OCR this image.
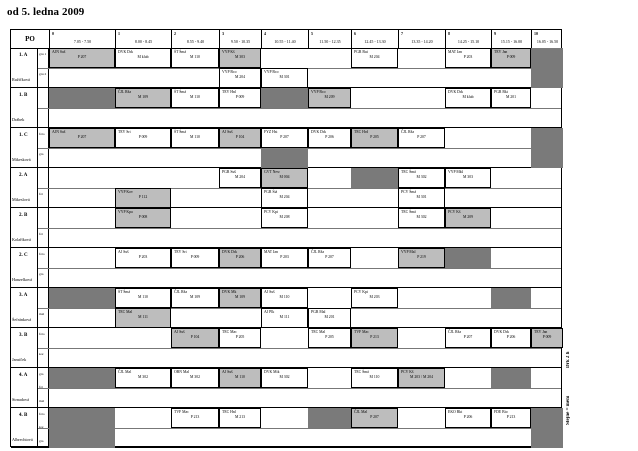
od 5. ledna 2009
PO
0
7.05 - 7.50
1
8.00 - 8.45
2
8.55 - 9.40
3
9.50 - 10.35
4
10.55 - 11.40
5
11.50 - 12.35
6
12.45 - 13.30
7
13.35 - 14.20
8
14.25 - 15.10
9
15.15 - 16.00
10
16.05 - 16.50
1. A
Ružičková
gru 1
gru 2
1. B
Drábek
1. C
Mikesková
fóto
gra
2. A
Mikeslová
fót
2. B
Kolaříková
fót
2. C
Hanzelková
fóto
gra
3. A
Šefránková
mal
3. B
Jansíček
fóto
kor
4. A
Strnadová
gra
fót
mal
4. B
Albrechtová
fóto
kor
gra
AJN Suš
P 207
DVK Drk
M klub
ŠT Šmá
M 110
VYP Kš
M 303
PGR Bui
M 204
MAT Jan
P 203
TEV Jan
P 009
VYP Bco
M 204
VYP Bco
M 301
ČJL Rža
M 109
ŠT Šmá
M 110
TEV Hnl
P 009
VYP Bco
M 209
DVK Drk
M klub
PGR Bkt
M 201
AJN Suš
P 207
TEV Srt
P 009
ŠT Šmá
M 110
AJ Suš
P 104
FYZ Hst
P 207
DVK Drk
P 206
TEC Hrd
P 205
ČJL Rža
P 207
PGR Suš
M 204
GVT New
M 004
TEC Šmá
M 302
VYP Mkš
M 303
VYP Kov
P 112
PGR Šiá
M 204
PCV Šmá
M 301
VYP Kpa
P 008
PCV Kpi
M 208
TEC Šmá
M 302
PCV Kš
M 209
AJ Suš
P 203
TEV Srt
P 009
DVK Drk
P 206
MAT Jan
P 203
ČJL Rža
P 207
VYP Mal
P 219
ŠT Šmá
M 110
ČJL Rža
M 109
DVK Mk
M 109
AJ Suš
M 110
PCV Kpi
M 203
TEC Mal
M 111
AJ Plk
M 111
PGR Mal
M 201
AJ Suš
P 104
TEC Mac
P 205
TEC Mal
P 205
TVF Mac
P 213
ČJL Rža
P 207
DVK Drk
P 206
TEV Jan
P 009
ČJL Mal
M 302
OBN Mal
M 302
AJ Suš
M 110
DVK Mik
M 302
TEC Šmá
M 110
PCV Kš
M 203 / M 204
TVF Mac
P 213
TEC Hnl
M 213
ČJL Mal
P 207
EKO Bkt
P 206
FDE Bio
P 213
Drk 2 h
Stejné = mění
